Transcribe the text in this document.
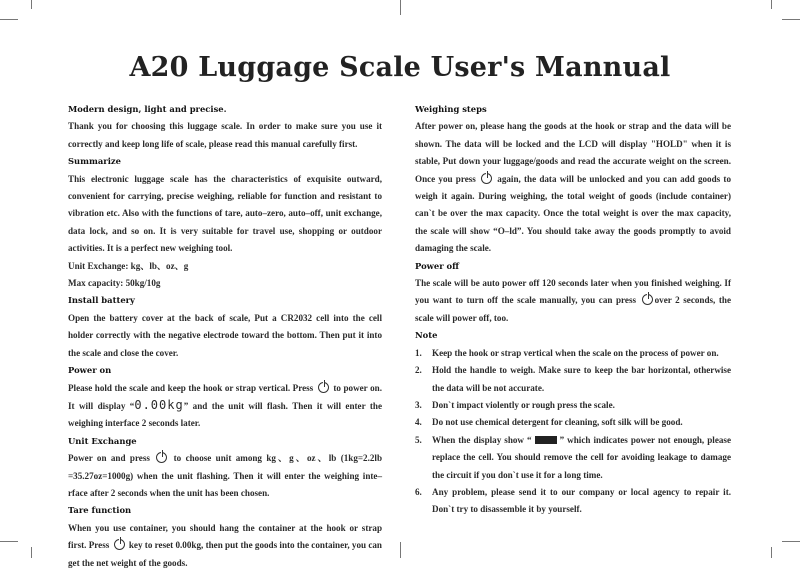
A20 Luggage Scale User's Mannual

Modern design, light and precise.

Thank you for choosing this luggage scale. In order to make sure you use it correctly and keep long life of scale, please read this manual carefully first.

Summarize

This electronic luggage scale has the characteristics of exquisite outward, convenient for carrying, precise weighing, reliable for function and resistant to vibration etc. Also with the functions of tare, auto–zero, auto–off, unit exchange, data lock, and so on. It is very suitable for travel use, shopping or outdoor activities. It is a perfect new weighing tool.

Unit Exchange: kg、lb、oz、g

Max capacity: 50kg/10g

Install battery

Open the battery cover at the back of scale, Put a CR2032 cell into the cell holder correctly with the negative electrode toward the bottom. Then put it into the scale and close the cover.

Power on

Please hold the scale and keep the hook or strap vertical. Press to power on. It will display “0.00kg” and the unit will flash. Then it will enter the weighing interface 2 seconds later.

Unit Exchange

Power on and press	to choose unit among kg、g、oz、lb (1kg=2.2lb =35.27oz=1000g) when the unit flashing. Then it will enter the weighing inte–rface after 2 seconds when the unit has been chosen.

Tare function

When you use container, you should hang the container at the hook or strap first. Press key to reset 0.00kg, then put the goods into the container, you can get the net weight of the goods.

Weighing steps

After power on, please hang the goods at the hook or strap and the data will be shown. The data will be locked and the LCD will display "HOLD" when it is stable, Put down your luggage/goods and read the accurate weight on the screen. Once you press again, the data will be unlocked and you can add goods to weigh it again. During weighing, the total weight of goods (include container) can`t be over the max capacity. Once the total weight is over the max capacity, the scale will show “O–ld”. You should take away the goods promptly to avoid damaging the scale.

Power off

The scale will be auto power off 120 seconds later when you finished weighing. If you want to turn off the scale manually, you can press over 2 seconds, the scale will power off, too.

Note

1. Keep the hook or strap vertical when the scale on the process of power on.
2. Hold the handle to weigh. Make sure to keep the bar horizontal, otherwise the data will be not accurate.
3. Don`t impact violently or rough press the scale.
4. Do not use chemical detergent for cleaning, soft silk will be good.
5. When the display show “	” which indicates power not enough, please replace the cell. You should remove the cell for avoiding leakage to damage the circuit if you don`t use it for a long time.
6. Any problem, please send it to our company or local agency to repair it. Don`t try to disassemble it by yourself.
